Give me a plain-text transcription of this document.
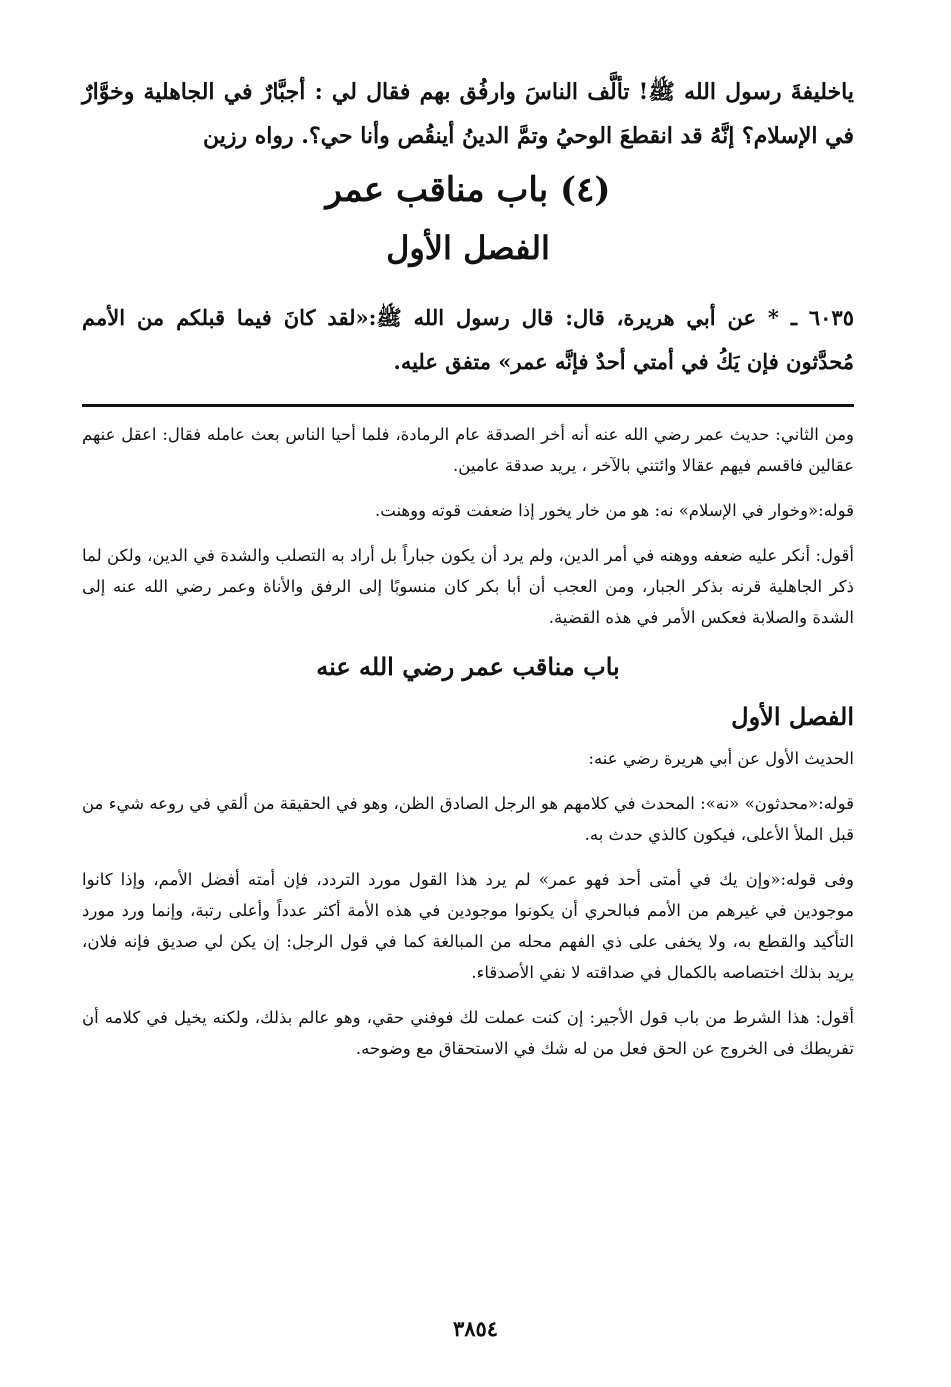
ياخليفةَ رسول الله ﷺ! تألَّف الناسَ وارفُق بهم فقال لي : أجبَّارٌ في الجاهلية وخوَّارٌ في الإسلام؟ إنَّهُ قد انقطعَ الوحيُ وتمَّ الدينُ أينقُص وأنا حي؟. رواه رزين
(٤) باب مناقب عمر
الفصل الأول
٦٠٣٥ ـ * عن أبي هريرة، قال: قال رسول الله ﷺ:«لقد كانَ فيما قبلكم من الأمم مُحدَّثون فإن يَكُ في أمتي أحدٌ فإنَّه عمر» متفق عليه.
ومن الثاني: حديث عمر رضي الله عنه أنه أخر الصدقة عام الرمادة، فلما أحيا الناس بعث عامله فقال: اعقل عنهم عقالين فاقسم فيهم عقالا وائتني بالآخر ، يريد صدقة عامين.
قوله:«وخوار في الإسلام» نه: هو من خار يخور إذا ضعفت قوته ووهنت.
أقول: أنكر عليه ضعفه ووهنه في أمر الدين، ولم يرد أن يكون جباراً بل أراد به التصلب والشدة في الدين، ولكن لما ذكر الجاهلية قرنه بذكر الجبار، ومن العجب أن أبا بكر كان منسوبًا إلى الرفق والأناة وعمر رضي الله عنه إلى الشدة والصلابة فعكس الأمر في هذه القضية.
باب مناقب عمر رضي الله عنه
الفصل الأول
الحديث الأول عن أبي هريرة رضي عنه:
قوله:«محدثون» «نه»: المحدث في كلامهم هو الرجل الصادق الظن، وهو في الحقيقة من ألقي في روعه شيء من قبل الملأ الأعلى، فيكون كالذي حدث به.
وفى قوله:«وإن يك في أمتى أحد فهو عمر» لم يرد هذا القول مورد التردد، فإن أمته أفضل الأمم، وإذا كانوا موجودين في غيرهم من الأمم فبالحري أن يكونوا موجودين في هذه الأمة أكثر عدداً وأعلى رتبة، وإنما ورد مورد التأكيد والقطع به، ولا يخفى على ذي الفهم محله من المبالغة كما في قول الرجل: إن يكن لي صديق فإنه فلان، يريد بذلك اختصاصه بالكمال في صداقته لا نفي الأصدقاء.
أقول: هذا الشرط من باب قول الأجير: إن كنت عملت لك فوفني حقي، وهو عالم بذلك، ولكنه يخيل في كلامه أن تفريطك فى الخروج عن الحق فعل من له شك في الاستحقاق مع وضوحه.
٣٨٥٤
